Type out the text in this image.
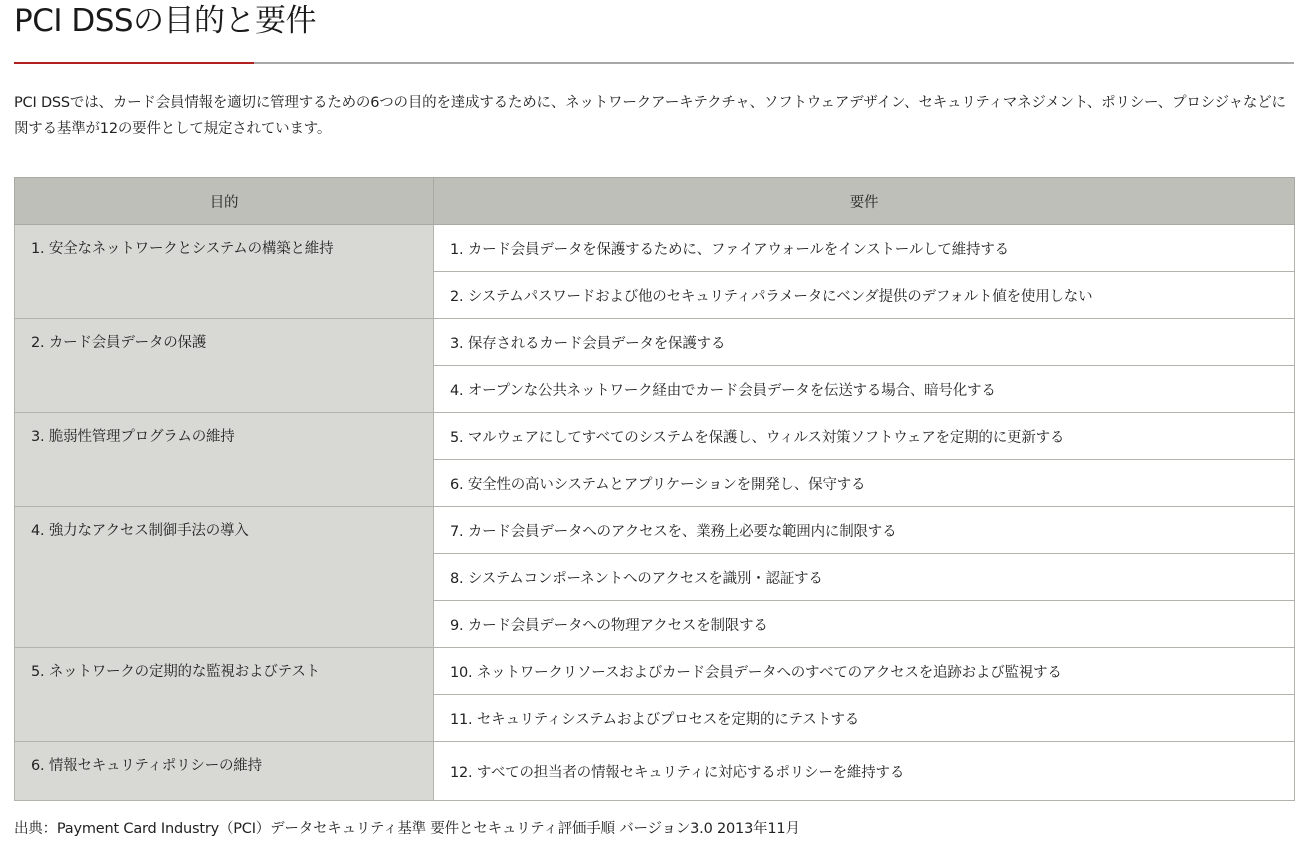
PCI DSSの目的と要件

PCI DSSでは、カード会員情報を適切に管理するための6つの目的を達成するために、ネットワークアーキテクチャ、ソフトウェアデザイン、セキュリティマネジメント、ポリシー、プロシジャなどに関する基準が12の要件として規定されています。

目的	要件
1. 安全なネットワークとシステムの構築と維持	1. カード会員データを保護するために、ファイアウォールをインストールして維持する
	2. システムパスワードおよび他のセキュリティパラメータにベンダ提供のデフォルト値を使用しない
2. カード会員データの保護	3. 保存されるカード会員データを保護する
	4. オープンな公共ネットワーク経由でカード会員データを伝送する場合、暗号化する
3. 脆弱性管理プログラムの維持	5. マルウェアにしてすべてのシステムを保護し、ウィルス対策ソフトウェアを定期的に更新する
	6. 安全性の高いシステムとアプリケーションを開発し、保守する
4. 強力なアクセス制御手法の導入	7. カード会員データへのアクセスを、業務上必要な範囲内に制限する
	8. システムコンポーネントへのアクセスを識別・認証する
	9. カード会員データへの物理アクセスを制限する
5. ネットワークの定期的な監視およびテスト	10. ネットワークリソースおよびカード会員データへのすべてのアクセスを追跡および監視する
	11. セキュリティシステムおよびプロセスを定期的にテストする
6. 情報セキュリティポリシーの維持	12. すべての担当者の情報セキュリティに対応するポリシーを維持する

出典：Payment Card Industry（PCI）データセキュリティ基準 要件とセキュリティ評価手順 バージョン3.0 2013年11月
